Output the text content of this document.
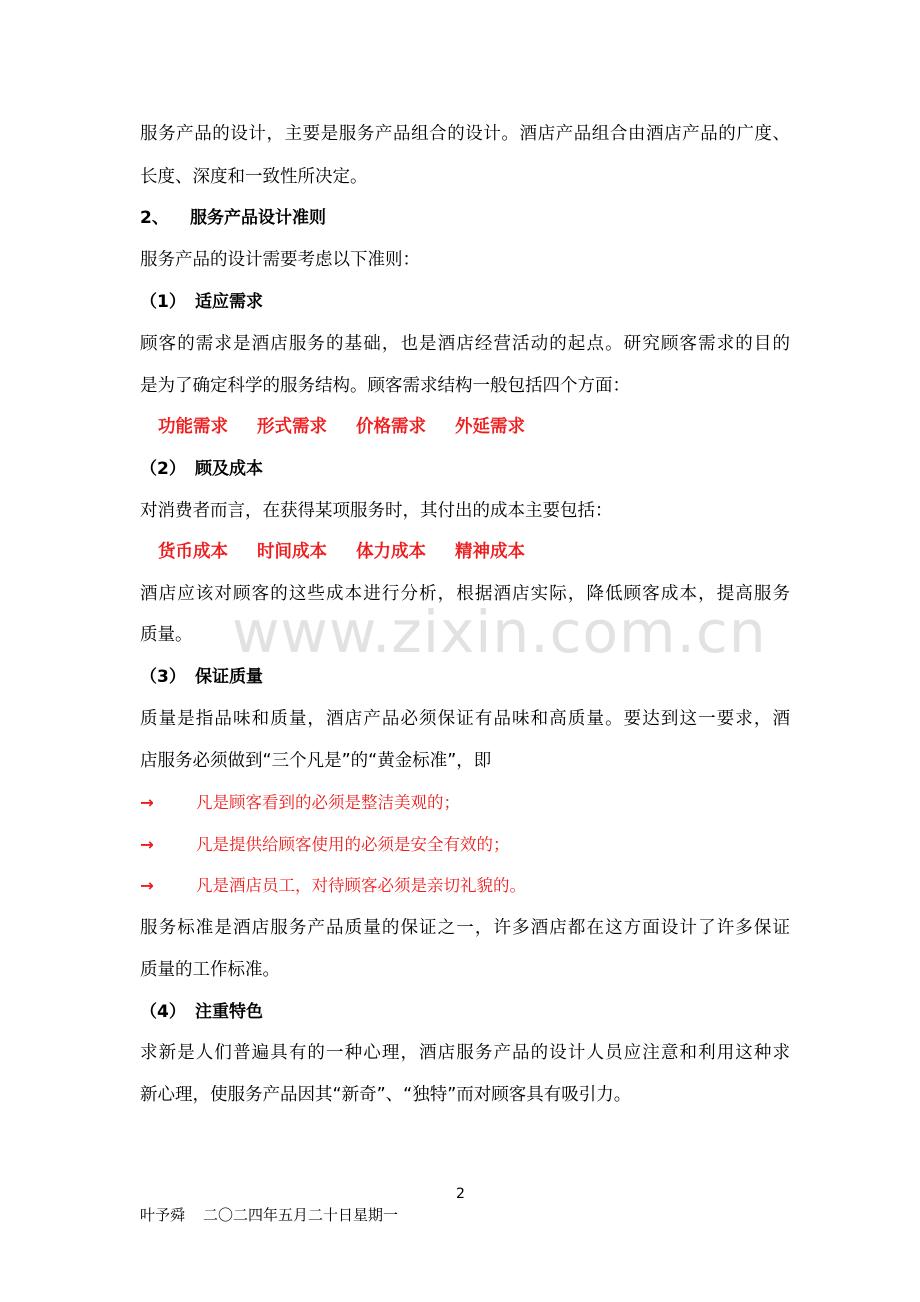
服务产品的设计，主要是服务产品组合的设计。酒店产品组合由酒店产品的广度、
长度、深度和一致性所决定。
2、 服务产品设计准则
服务产品的设计需要考虑以下准则：
（1） 适应需求
顾客的需求是酒店服务的基础，也是酒店经营活动的起点。研究顾客需求的目的
是为了确定科学的服务结构。顾客需求结构一般包括四个方面：
功能需求 形式需求 价格需求 外延需求
（2） 顾及成本
对消费者而言，在获得某项服务时，其付出的成本主要包括：
货币成本 时间成本 体力成本 精神成本
酒店应该对顾客的这些成本进行分析，根据酒店实际，降低顾客成本，提高服务
质量。 www.zixin.com.cn
（3） 保证质量
质量是指品味和质量，酒店产品必须保证有品味和高质量。要达到这一要求，酒
店服务必须做到“三个凡是”的“黄金标准”，即
→	凡是顾客看到的必须是整洁美观的；
→	凡是提供给顾客使用的必须是安全有效的；
→	凡是酒店员工，对待顾客必须是亲切礼貌的。
服务标准是酒店服务产品质量的保证之一，许多酒店都在这方面设计了许多保证
质量的工作标准。
（4） 注重特色
求新是人们普遍具有的一种心理，酒店服务产品的设计人员应注意和利用这种求
新心理，使服务产品因其“新奇”、“独特”而对顾客具有吸引力。
2
叶予舜 二〇二四年五月二十日星期一
